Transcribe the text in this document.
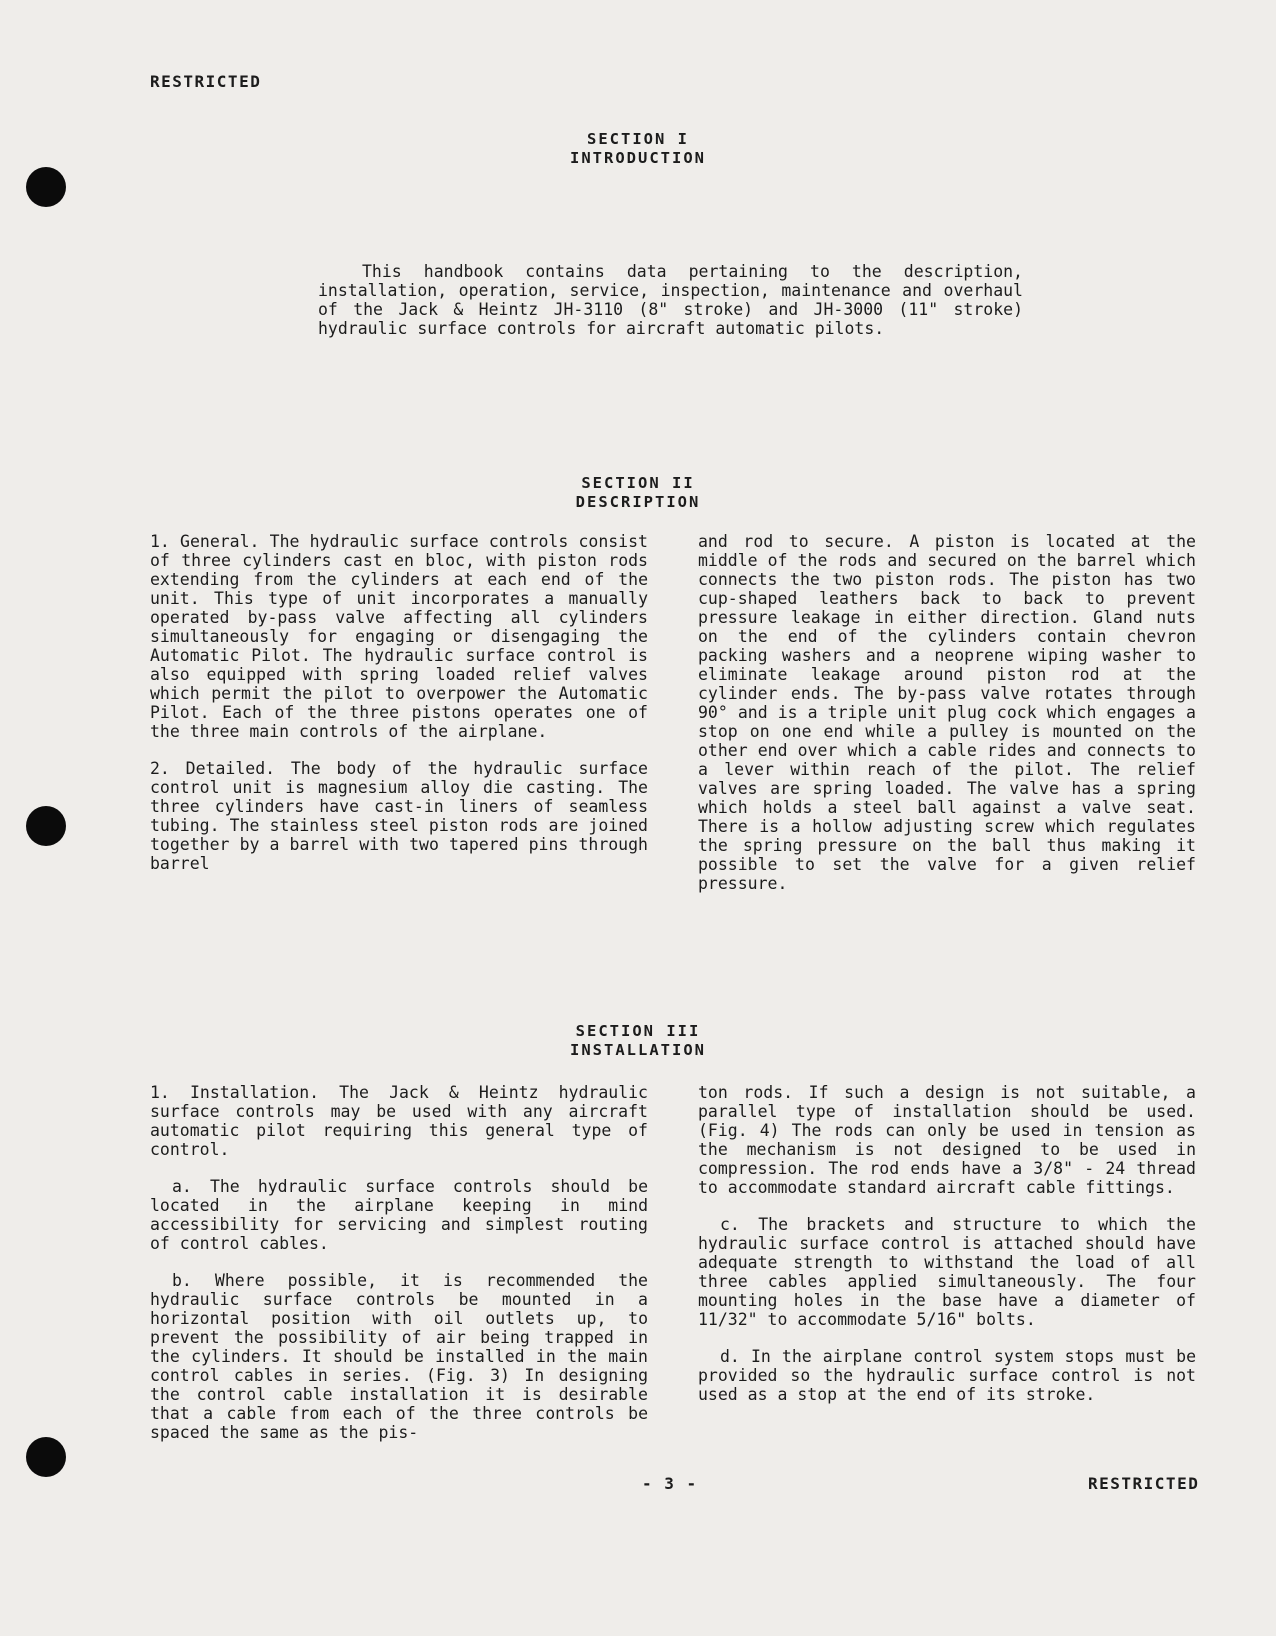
RESTRICTED
SECTION I
INTRODUCTION
This handbook contains data pertaining to the description, installation, operation, service, inspection, maintenance and overhaul of the Jack & Heintz JH-3110 (8" stroke) and JH-3000 (11" stroke) hydraulic surface controls for aircraft automatic pilots.
SECTION II
DESCRIPTION

1. General. The hydraulic surface controls consist of three cylinders cast en bloc, with piston rods extending from the cylinders at each end of the unit. This type of unit incorporates a manually operated by-pass valve affecting all cylinders simultaneously for engaging or disengaging the Automatic Pilot. The hydraulic surface control is also equipped with spring loaded relief valves which permit the pilot to overpower the Automatic Pilot. Each of the three pistons operates one of the three main controls of the airplane.

2. Detailed. The body of the hydraulic surface control unit is magnesium alloy die casting. The three cylinders have cast-in liners of seamless tubing. The stainless steel piston rods are joined together by a barrel with two tapered pins through barrel

and rod to secure. A piston is located at the middle of the rods and secured on the barrel which connects the two piston rods. The piston has two cup-shaped leathers back to back to prevent pressure leakage in either direction. Gland nuts on the end of the cylinders contain chevron packing washers and a neoprene wiping washer to eliminate leakage around piston rod at the cylinder ends. The by-pass valve rotates through 90° and is a triple unit plug cock which engages a stop on one end while a pulley is mounted on the other end over which a cable rides and connects to a lever within reach of the pilot. The relief valves are spring loaded. The valve has a spring which holds a steel ball against a valve seat. There is a hollow adjusting screw which regulates the spring pressure on the ball thus making it possible to set the valve for a given relief pressure.

SECTION III
INSTALLATION

1. Installation. The Jack & Heintz hydraulic surface controls may be used with any aircraft automatic pilot requiring this general type of control.

a. The hydraulic surface controls should be located in the airplane keeping in mind accessibility for servicing and simplest routing of control cables.

b. Where possible, it is recommended the hydraulic surface controls be mounted in a horizontal position with oil outlets up, to prevent the possibility of air being trapped in the cylinders. It should be installed in the main control cables in series. (Fig. 3) In designing the control cable installation it is desirable that a cable from each of the three controls be spaced the same as the pis-

ton rods. If such a design is not suitable, a parallel type of installation should be used. (Fig. 4) The rods can only be used in tension as the mechanism is not designed to be used in compression. The rod ends have a 3/8" - 24 thread to accommodate standard aircraft cable fittings.

c. The brackets and structure to which the hydraulic surface control is attached should have adequate strength to withstand the load of all three cables applied simultaneously. The four mounting holes in the base have a diameter of 11/32" to accommodate 5/16" bolts.

d. In the airplane control system stops must be provided so the hydraulic surface control is not used as a stop at the end of its stroke.

- 3 -	RESTRICTED
